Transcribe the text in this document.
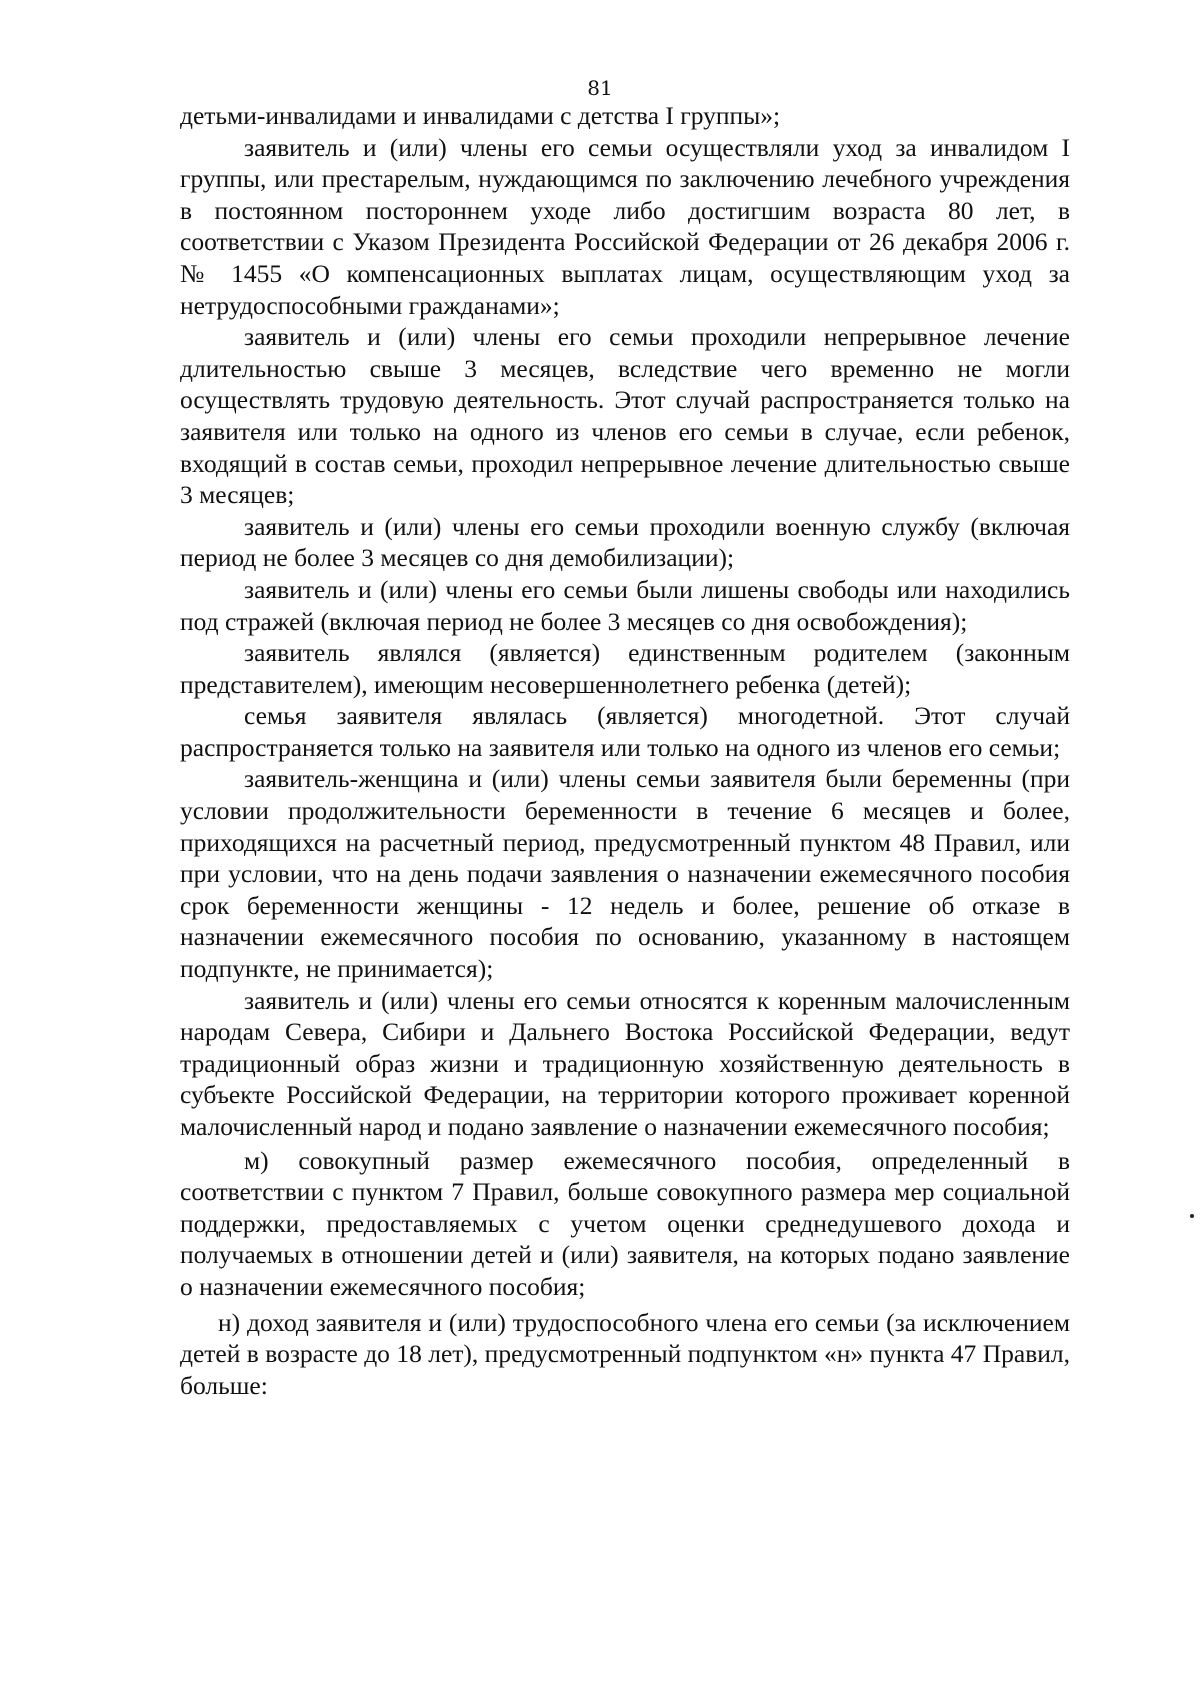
81

детьми-инвалидами и инвалидами с детства I группы»;

заявитель и (или) члены его семьи осуществляли уход за инвалидом I группы, или престарелым, нуждающимся по заключению лечебного учреждения в постоянном постороннем уходе либо достигшим возраста 80 лет, в соответствии с Указом Президента Российской Федерации от 26 декабря 2006 г. № 1455 «О компенсационных выплатах лицам, осуществляющим уход за нетрудоспособными гражданами»;

заявитель и (или) члены его семьи проходили непрерывное лечение длительностью свыше 3 месяцев, вследствие чего временно не могли осуществлять трудовую деятельность. Этот случай распространяется только на заявителя или только на одного из членов его семьи в случае, если ребенок, входящий в состав семьи, проходил непрерывное лечение длительностью свыше 3 месяцев;

заявитель и (или) члены его семьи проходили военную службу (включая период не более 3 месяцев со дня демобилизации);

заявитель и (или) члены его семьи были лишены свободы или находились под стражей (включая период не более 3 месяцев со дня освобождения);

заявитель являлся (является) единственным родителем (законным представителем), имеющим несовершеннолетнего ребенка (детей);

семья заявителя являлась (является) многодетной. Этот случай распространяется только на заявителя или только на одного из членов его семьи;

заявитель-женщина и (или) члены семьи заявителя были беременны (при условии продолжительности беременности в течение 6 месяцев и более, приходящихся на расчетный период, предусмотренный пунктом 48 Правил, или при условии, что на день подачи заявления о назначении ежемесячного пособия срок беременности женщины - 12 недель и более, решение об отказе в назначении ежемесячного пособия по основанию, указанному в настоящем подпункте, не принимается);

заявитель и (или) члены его семьи относятся к коренным малочисленным народам Севера, Сибири и Дальнего Востока Российской Федерации, ведут традиционный образ жизни и традиционную хозяйственную деятельность в субъекте Российской Федерации, на территории которого проживает коренной малочисленный народ и подано заявление о назначении ежемесячного пособия;

м) совокупный размер ежемесячного пособия, определенный в соответствии с пунктом 7 Правил, больше совокупного размера мер социальной поддержки, предоставляемых с учетом оценки среднедушевого дохода и получаемых в отношении детей и (или) заявителя, на которых подано заявление о назначении ежемесячного пособия;

н) доход заявителя и (или) трудоспособного члена его семьи (за исключением детей в возрасте до 18 лет), предусмотренный подпунктом «н» пункта 47 Правил, больше:
